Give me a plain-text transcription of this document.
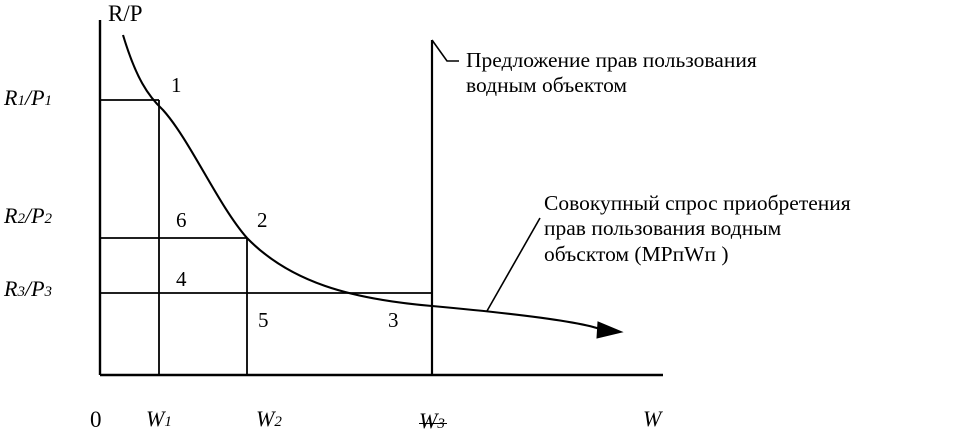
R/P
W
0
R1/P1
R2/P2
R3/P3
W1	W2	W3
1
6	2
4
5	3
Предложение прав пользования
водным объектом
Совокупный спрос приобретения
прав пользования водным
объсктом (MPпWп )
